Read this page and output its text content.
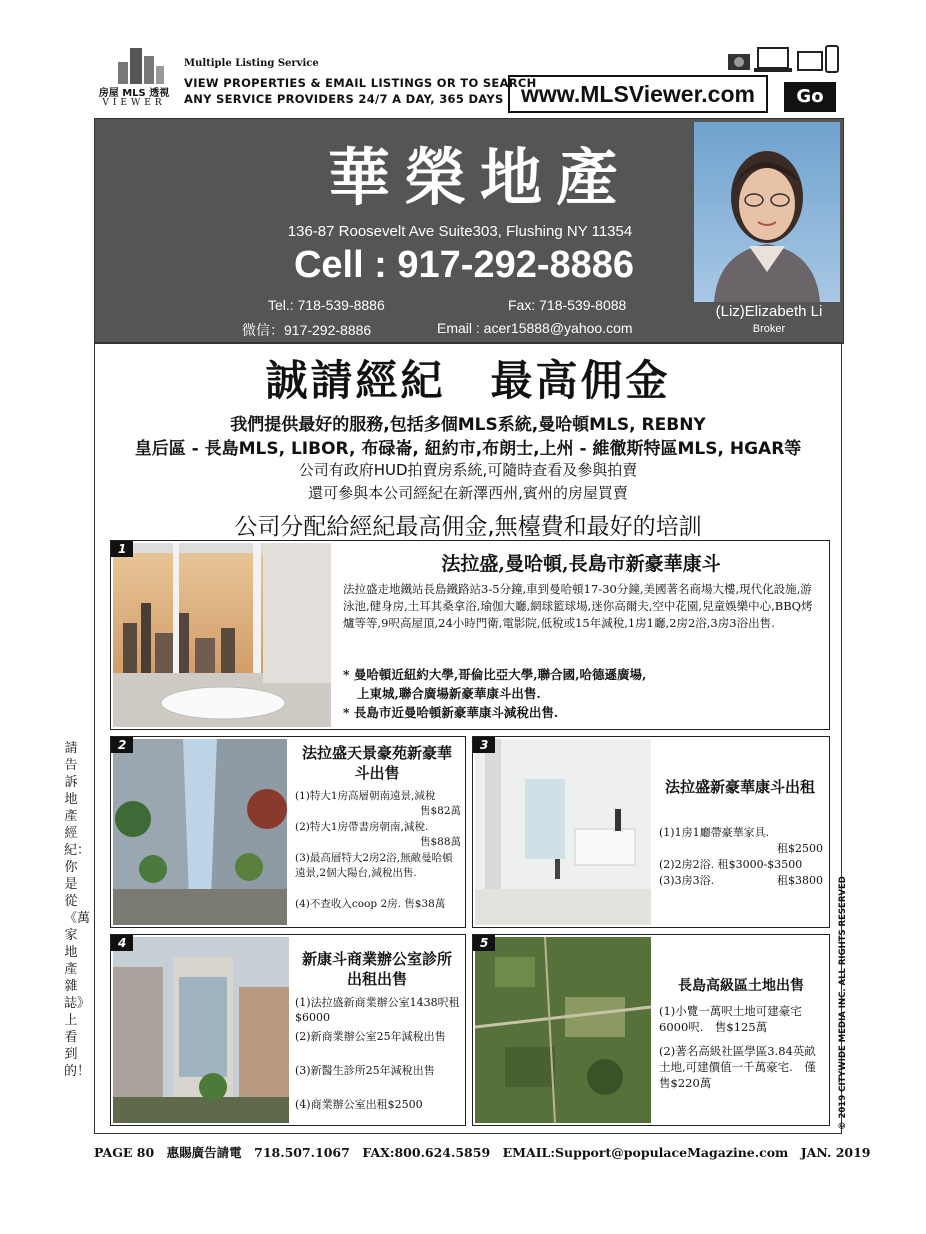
房屋 MLS 透視
VIEWER
Multiple Listing Service
VIEW PROPERTIES & EMAIL LISTINGS OR TO SEARCH
ANY SERVICE PROVIDERS 24/7 A DAY, 365 DAYS www.MLSViewer.com	Go
華榮地產
136-87 Roosevelt Ave Suite303, Flushing NY 11354
Cell : 917-292-8886
Tel.: 718-539-8886	Fax: 718-539-8088
微信：917-292-8886	Email : acer15888@yahoo.com
(Liz)Elizabeth Li
Broker
誠請經紀　最高佣金
我們提供最好的服務,包括多個MLS系統,曼哈頓MLS, REBNY
皇后區 - 長島MLS, LIBOR, 布碌崙, 紐約市,布朗士,上州 - 維徹斯特區MLS, HGAR等
公司有政府HUD拍賣房系統,可隨時查看及參與拍賣
還可參與本公司經紀在新澤西州,賓州的房屋買賣
公司分配給經紀最高佣金,無檯費和最好的培訓
1
法拉盛,曼哈頓,長島市新豪華康斗
法拉盛走地鐵站長島鐵路站3-5分鐘,車到曼哈頓17-30分鐘,美國著名商場大樓,現代化設施,游泳池,健身房,土耳其桑拿浴,瑜伽大廳,網球籃球場,迷你高爾夫,空中花園,兒童娛樂中心,BBQ烤爐等等,9呎高屋頂,24小時門衛,電影院,低稅或15年減稅,1房1廳,2房2浴,3房3浴出售.
* 曼哈頓近紐約大學,哥倫比亞大學,聯合國,哈德遜廣場,
上東城,聯合廣場新豪華康斗出售.
* 長島市近曼哈頓新豪華康斗減稅出售.
2	法拉盛天景豪苑新豪華斗出售
(1)特大1房高層朝南遠景,減稅
售$82萬
(2)特大1房帶書房朝南,減稅.
售$88萬
(3)最高層特大2房2浴,無敵曼哈頓遠景,2個大陽台,減稅出售.
(4)不查收入coop 2房. 售$38萬
3
法拉盛新豪華康斗出租
(1)1房1廳帶豪華家具.
租$2500
(2)2房2浴. 租$3000-$3500
(3)3房3浴.	租$3800
4
新康斗商業辦公室診所出租出售
(1)法拉盛新商業辦公室1438呎租$6000
(2)新商業辦公室25年減稅出售
(3)新醫生診所25年減稅出售
(4)商業辦公室出租$2500
5
長島高級區土地出售
(1)小覽一萬呎土地可建豪宅6000呎.　售$125萬
(2)著名高級社區學區3.84英畝土地,可建價值一千萬豪宅.　僅售$220萬
請告訴地產經紀：你是從《萬家地產雜誌》上看到的！	© 2019 CITYWIDE MEDIA INC. ALL RIGHTS RESERVED
PAGE 80　惠賜廣告請電　718.507.1067　FAX:800.624.5859　EMAIL:Support@populaceMagazine.com　JAN. 2019
